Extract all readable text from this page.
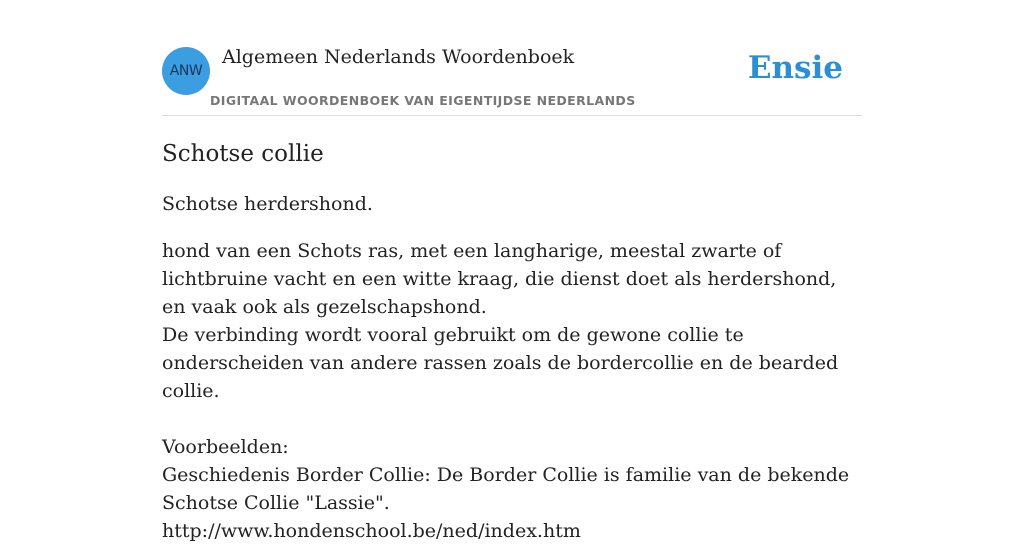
ANW
Algemeen Nederlands Woordenboek
DIGITAAL WOORDENBOEK VAN EIGENTIJDSE NEDERLANDS
Ensie
Schotse collie

Schotse herdershond.

hond van een Schots ras, met een langharige, meestal zwarte of lichtbruine vacht en een witte kraag, die dienst doet als herdershond, en vaak ook als gezelschapshond.
De verbinding wordt vooral gebruikt om de gewone collie te onderscheiden van andere rassen zoals de bordercollie en de bearded collie.
Voorbeelden:
Geschiedenis Border Collie: De Border Collie is familie van de bekende Schotse Collie "Lassie".
http://www.hondenschool.be/ned/index.htm
